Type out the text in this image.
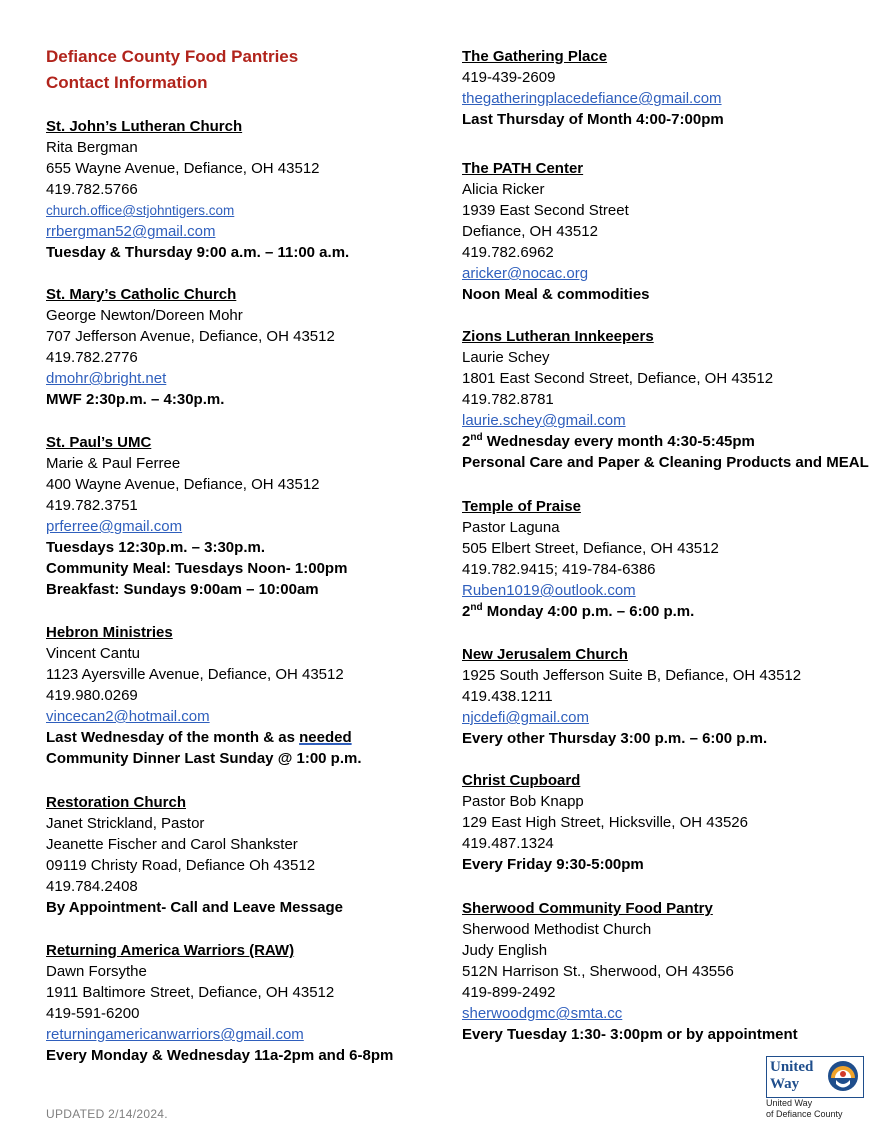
Defiance County Food Pantries
Contact Information
St. John’s Lutheran Church
Rita Bergman
655 Wayne Avenue, Defiance, OH 43512
419.782.5766
church.office@stjohntigers.com
rrbergman52@gmail.com
Tuesday & Thursday 9:00 a.m. – 11:00 a.m.
St. Mary’s Catholic Church
George Newton/Doreen Mohr
707 Jefferson Avenue, Defiance, OH 43512
419.782.2776
dmohr@bright.net
MWF 2:30p.m. – 4:30p.m.
St. Paul’s UMC
Marie & Paul Ferree
400 Wayne Avenue, Defiance, OH 43512
419.782.3751
prferree@gmail.com
Tuesdays 12:30p.m. – 3:30p.m.
Community Meal: Tuesdays Noon- 1:00pm
Breakfast: Sundays 9:00am – 10:00am
Hebron Ministries
Vincent Cantu
1123 Ayersville Avenue, Defiance, OH 43512
419.980.0269
vincecan2@hotmail.com
Last Wednesday of the month & as needed
Community Dinner Last Sunday @ 1:00 p.m.
Restoration Church
Janet Strickland, Pastor
Jeanette Fischer and Carol Shankster
09119 Christy Road, Defiance Oh 43512
419.784.2408
By Appointment- Call and Leave Message
Returning America Warriors (RAW)
Dawn Forsythe
1911 Baltimore Street, Defiance, OH 43512
419-591-6200
returningamericanwarriors@gmail.com
Every Monday & Wednesday 11a-2pm and 6-8pm
The Gathering Place
419-439-2609
thegatheringplacedefiance@gmail.com
Last Thursday of Month 4:00-7:00pm
The PATH Center
Alicia Ricker
1939 East Second Street
Defiance, OH 43512
419.782.6962
aricker@nocac.org
Noon Meal & commodities
Zions Lutheran Innkeepers
Laurie Schey
1801 East Second Street, Defiance, OH 43512
419.782.8781
laurie.schey@gmail.com
2nd Wednesday every month 4:30-5:45pm
Personal Care and Paper & Cleaning Products and MEAL
Temple of Praise
Pastor Laguna
505 Elbert Street, Defiance, OH 43512
419.782.9415; 419-784-6386
Ruben1019@outlook.com
2nd Monday 4:00 p.m. – 6:00 p.m.
New Jerusalem Church
1925 South Jefferson Suite B, Defiance, OH 43512
419.438.1211
njcdefi@gmail.com
Every other Thursday 3:00 p.m. – 6:00 p.m.
Christ Cupboard
Pastor Bob Knapp
129 East High Street, Hicksville, OH 43526
419.487.1324
Every Friday 9:30-5:00pm
Sherwood Community Food Pantry
Sherwood Methodist Church
Judy English
512N Harrison St., Sherwood, OH 43556
419-899-2492
sherwoodgmc@smta.cc
Every Tuesday 1:30- 3:00pm or by appointment
UPDATED 2/14/2024.
United
Way
United Way
of Defiance County
